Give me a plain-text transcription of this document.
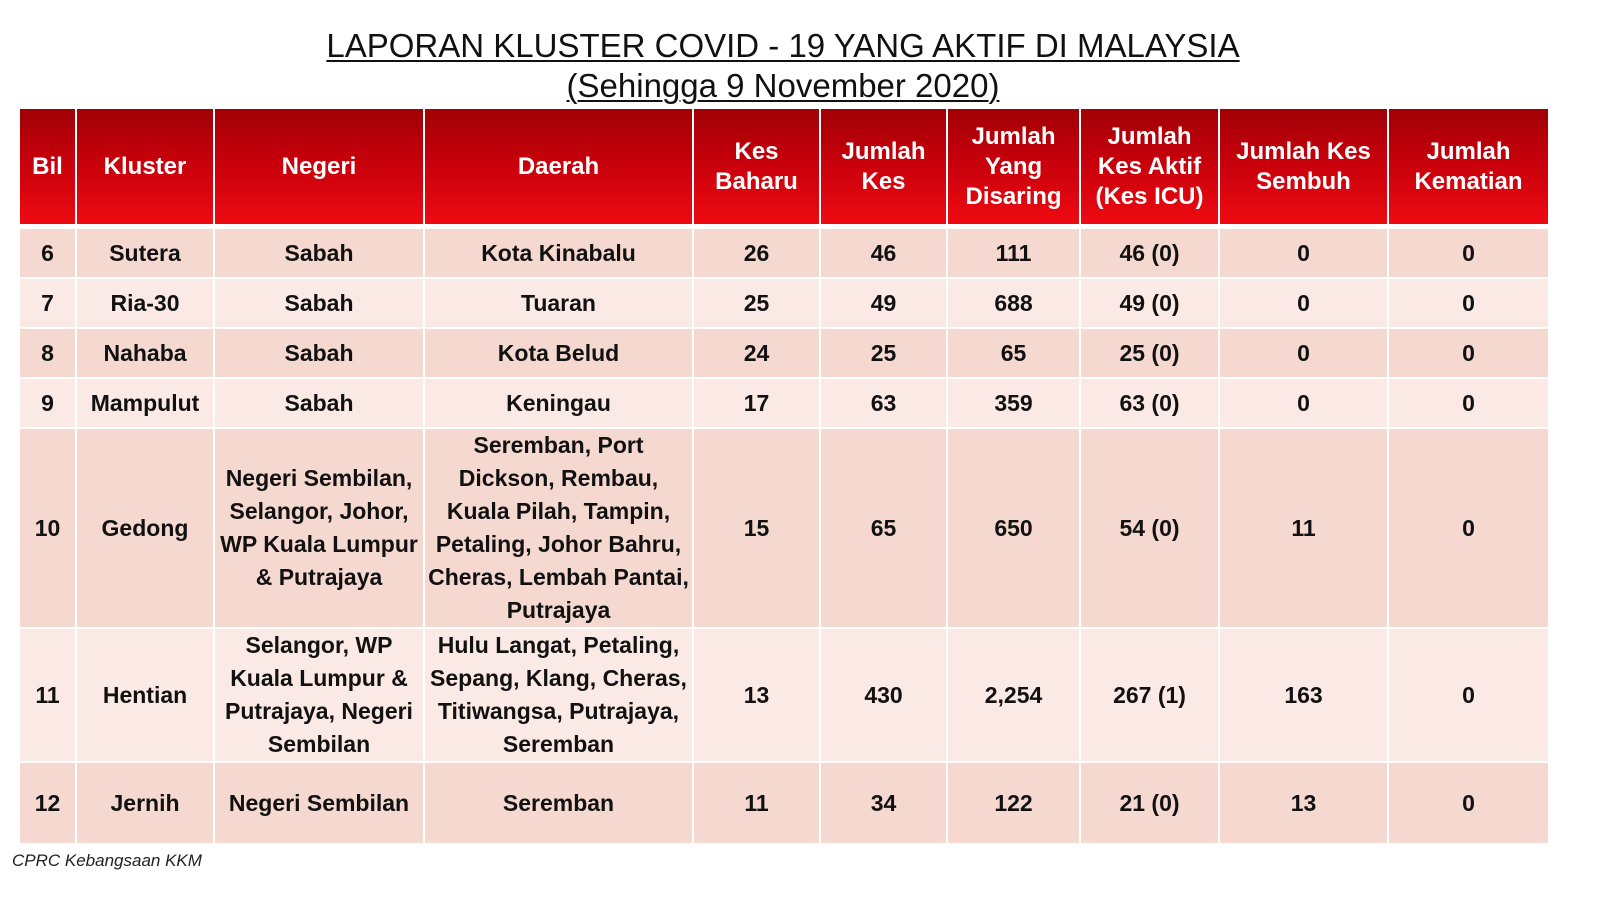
LAPORAN KLUSTER COVID - 19 YANG AKTIF DI MALAYSIA
(Sehingga 9 November 2020)
Bil	Kluster	Negeri	Daerah	Kes Baharu	Jumlah Kes	Jumlah Yang Disaring	Jumlah Kes Aktif (Kes ICU)	Jumlah Kes Sembuh	Jumlah Kematian
6	Sutera	Sabah	Kota Kinabalu	26	46	111	46 (0)	0	0
7	Ria-30	Sabah	Tuaran	25	49	688	49 (0)	0	0
8	Nahaba	Sabah	Kota Belud	24	25	65	25 (0)	0	0
9	Mampulut	Sabah	Keningau	17	63	359	63 (0)	0	0
10	Gedong	Negeri Sembilan, Selangor, Johor, WP Kuala Lumpur & Putrajaya	Seremban, Port Dickson, Rembau, Kuala Pilah, Tampin, Petaling, Johor Bahru, Cheras, Lembah Pantai, Putrajaya	15	65	650	54 (0)	11	0
11	Hentian	Selangor, WP Kuala Lumpur & Putrajaya, Negeri Sembilan	Hulu Langat, Petaling, Sepang, Klang, Cheras, Titiwangsa, Putrajaya, Seremban	13	430	2,254	267 (1)	163	0
12	Jernih	Negeri Sembilan	Seremban	11	34	122	21 (0)	13	0
CPRC Kebangsaan KKM
